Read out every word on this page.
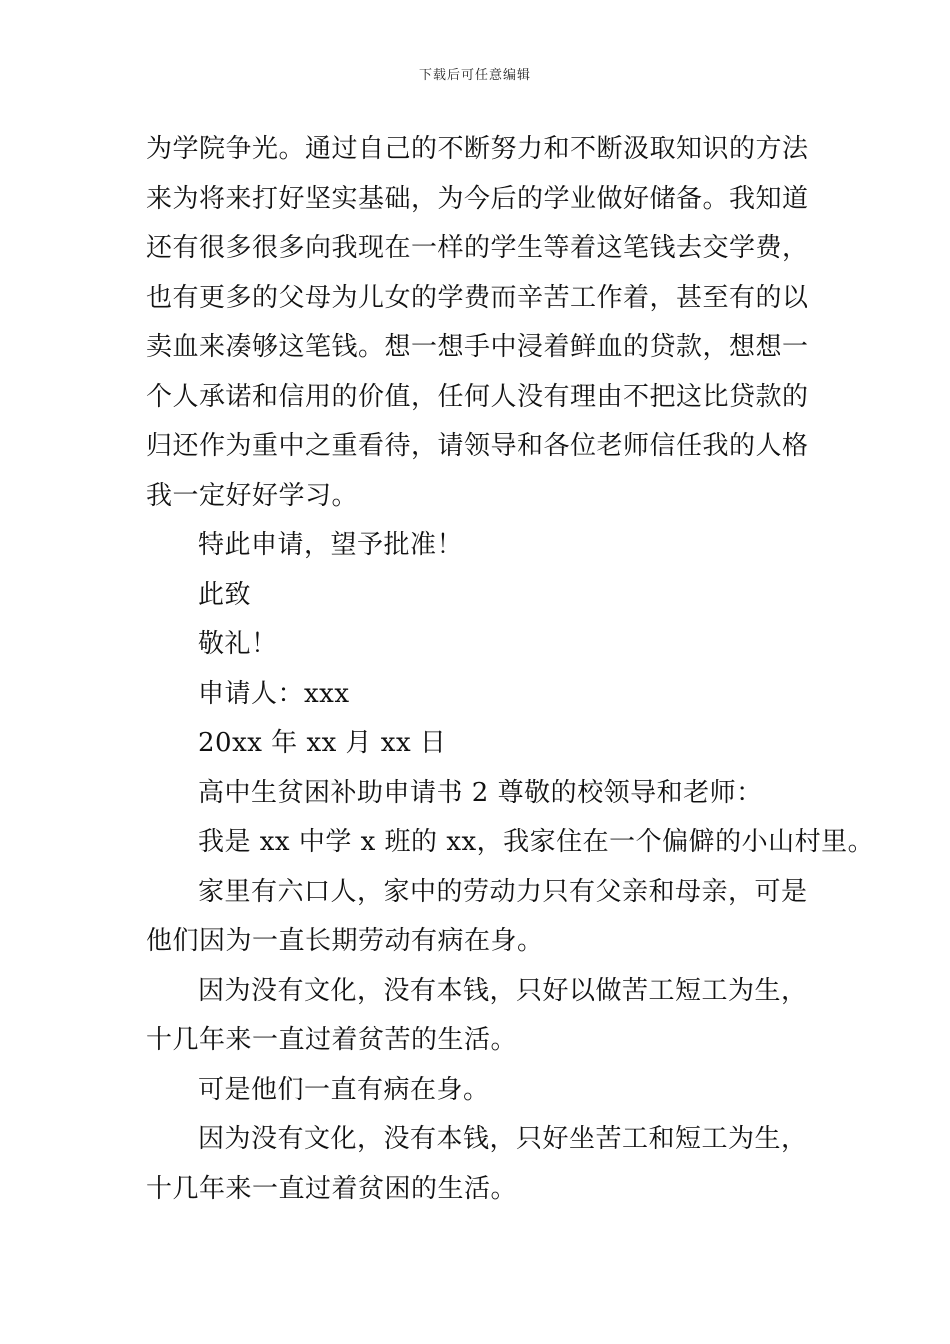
下载后可任意编辑
为学院争光。通过自己的不断努力和不断汲取知识的方法
来为将来打好坚实基础，为今后的学业做好储备。我知道
还有很多很多向我现在一样的学生等着这笔钱去交学费，
也有更多的父母为儿女的学费而辛苦工作着，甚至有的以
卖血来凑够这笔钱。想一想手中浸着鲜血的贷款，想想一
个人承诺和信用的价值，任何人没有理由不把这比贷款的
归还作为重中之重看待，请领导和各位老师信任我的人格
我一定好好学习。
特此申请，望予批准！
此致
敬礼！
申请人：xxx
20xx 年 xx 月 xx 日
高中生贫困补助申请书 2 尊敬的校领导和老师：
我是 xx 中学 x 班的 xx，我家住在一个偏僻的小山村里。
家里有六口人，家中的劳动力只有父亲和母亲，可是
他们因为一直长期劳动有病在身。
因为没有文化，没有本钱，只好以做苦工短工为生，
十几年来一直过着贫苦的生活。
可是他们一直有病在身。
因为没有文化，没有本钱，只好坐苦工和短工为生，
十几年来一直过着贫困的生活。
